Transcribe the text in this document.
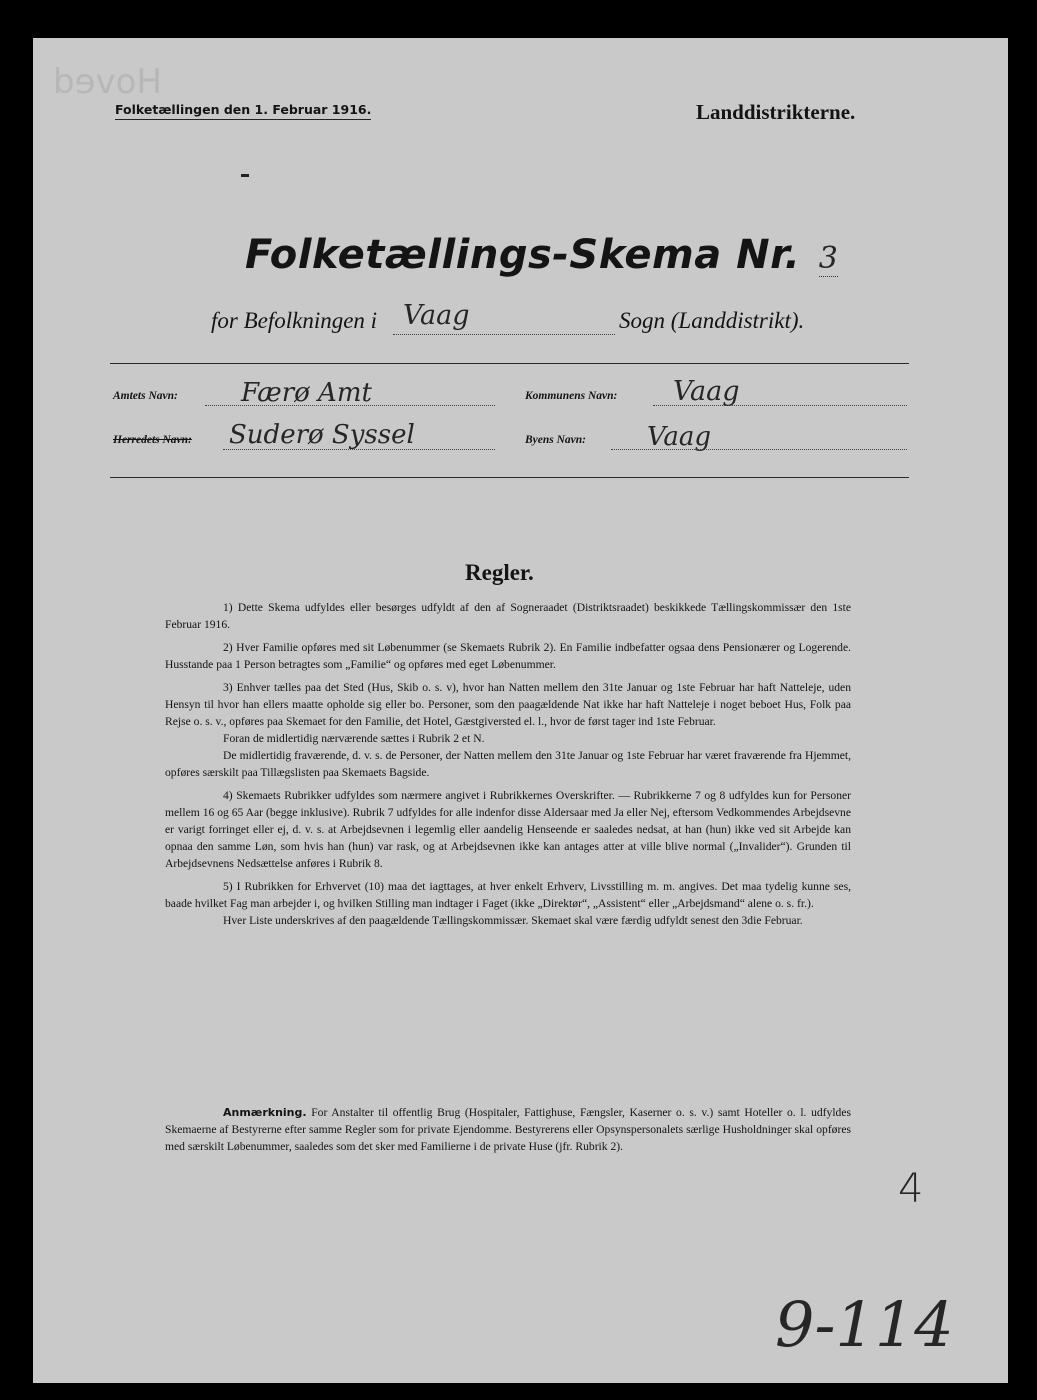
Hoved
Folketællingen den 1. Februar 1916.	Landdistrikterne.
Folketællings-Skema Nr. 3
for Befolkningen i Vaag	Sogn (Landdistrikt).
Amtets Navn: Færø Amt	Kommunens Navn: Vaag
Herredets Navn: Suderø Syssel	Byens Navn: Vaag
Regler.

1) Dette Skema udfyldes eller besørges udfyldt af den af Sogneraadet (Distriktsraadet) beskikkede Tællingskommissær den 1ste Februar 1916.

2) Hver Familie opføres med sit Løbenummer (se Skemaets Rubrik 2). En Familie indbefatter ogsaa dens Pensionærer og Logerende. Husstande paa 1 Person betragtes som „Familie“ og opføres med eget Løbenummer.

3) Enhver tælles paa det Sted (Hus, Skib o. s. v), hvor han Natten mellem den 31te Januar og 1ste Februar har haft Natteleje, uden Hensyn til hvor han ellers maatte opholde sig eller bo. Personer, som den paagældende Nat ikke har haft Natteleje i noget beboet Hus, Folk paa Rejse o. s. v., opføres paa Skemaet for den Familie, det Hotel, Gæstgiversted el. l., hvor de først tager ind 1ste Februar.

Foran de midlertidig nærværende sættes i Rubrik 2 et N.

De midlertidig fraværende, d. v. s. de Personer, der Natten mellem den 31te Januar og 1ste Februar har været fraværende fra Hjemmet, opføres særskilt paa Tillægslisten paa Skemaets Bagside.

4) Skemaets Rubrikker udfyldes som nærmere angivet i Rubrikkernes Overskrifter. — Rubrikkerne 7 og 8 udfyldes kun for Personer mellem 16 og 65 Aar (begge inklusive). Rubrik 7 udfyldes for alle indenfor disse Aldersaar med Ja eller Nej, eftersom Vedkommendes Arbejdsevne er varigt forringet eller ej, d. v. s. at Arbejdsevnen i legemlig eller aandelig Henseende er saaledes nedsat, at han (hun) ikke ved sit Arbejde kan opnaa den samme Løn, som hvis han (hun) var rask, og at Arbejdsevnen ikke kan antages atter at ville blive normal („Invalider“). Grunden til Arbejdsevnens Nedsættelse anføres i Rubrik 8.

5) I Rubrikken for Erhvervet (10) maa det iagttages, at hver enkelt Erhverv, Livsstilling m. m. angives. Det maa tydelig kunne ses, baade hvilket Fag man arbejder i, og hvilken Stilling man indtager i Faget (ikke „Direktør“, „Assistent“ eller „Arbejdsmand“ alene o. s. fr.).

Hver Liste underskrives af den paagældende Tællingskommissær. Skemaet skal være færdig udfyldt senest den 3die Februar.

Anmærkning. For Anstalter til offentlig Brug (Hospitaler, Fattighuse, Fængsler, Kaserner o. s. v.) samt Hoteller o. l. udfyldes Skemaerne af Bestyrerne efter samme Regler som for private Ejendomme. Bestyrerens eller Opsynspersonalets særlige Husholdninger skal opføres med særskilt Løbenummer, saaledes som det sker med Familierne i de private Huse (jfr. Rubrik 2).

4
9-114
